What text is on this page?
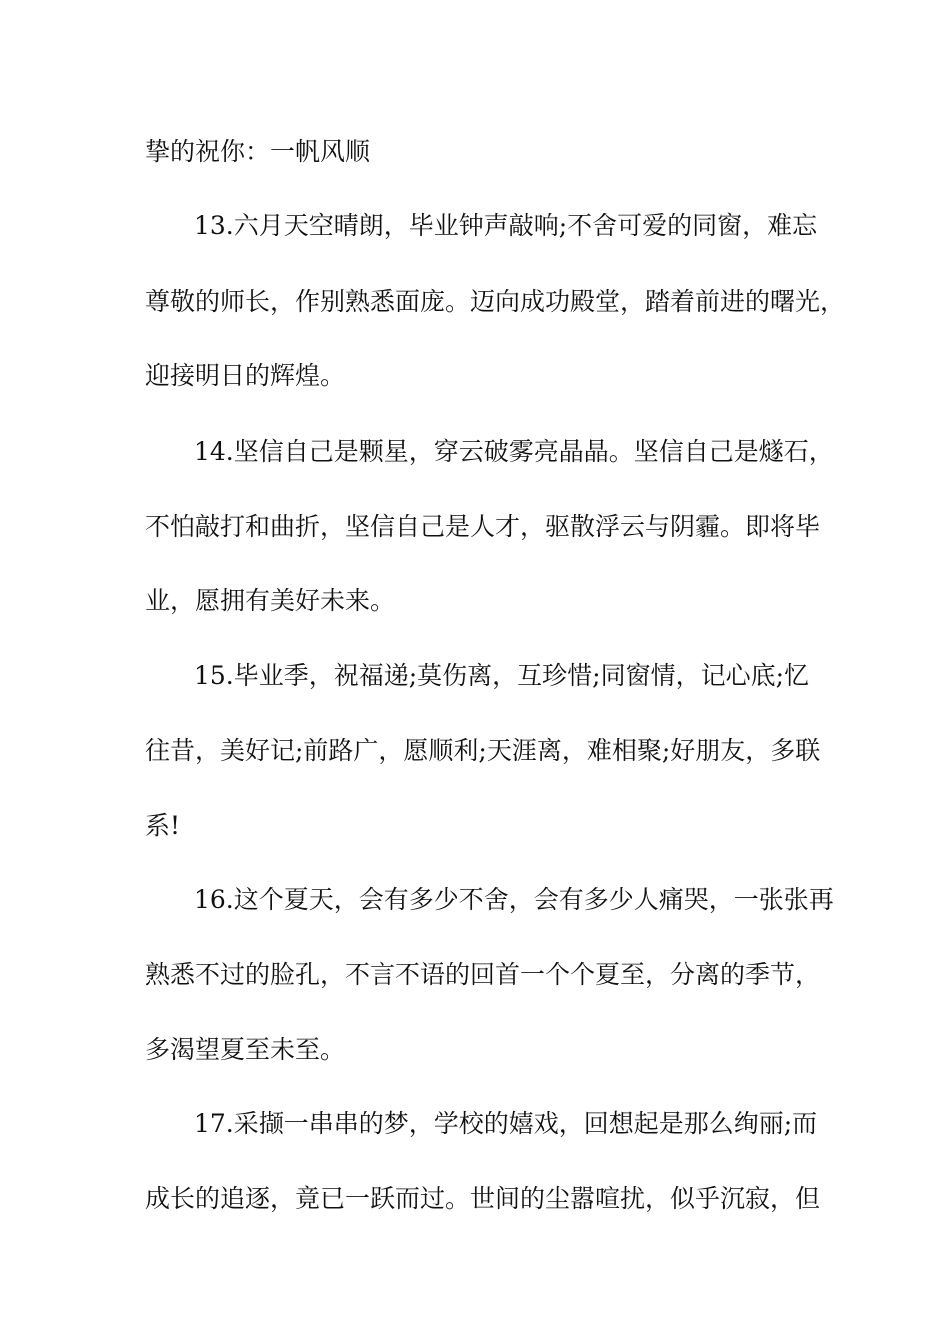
挚的祝你：一帆风顺
13.六月天空晴朗，毕业钟声敲响;不舍可爱的同窗，难忘
尊敬的师长，作别熟悉面庞。迈向成功殿堂，踏着前进的曙光，
迎接明日的辉煌。
14.坚信自己是颗星，穿云破雾亮晶晶。坚信自己是燧石，
不怕敲打和曲折，坚信自己是人才，驱散浮云与阴霾。即将毕
业，愿拥有美好未来。
15.毕业季，祝福递;莫伤离，互珍惜;同窗情，记心底;忆
往昔，美好记;前路广，愿顺利;天涯离，难相聚;好朋友，多联
系!
16.这个夏天，会有多少不舍，会有多少人痛哭，一张张再
熟悉不过的脸孔，不言不语的回首一个个夏至，分离的季节，
多渴望夏至未至。
17.采撷一串串的梦，学校的嬉戏，回想起是那么绚丽;而
成长的追逐，竟已一跃而过。世间的尘嚣喧扰，似乎沉寂，但
